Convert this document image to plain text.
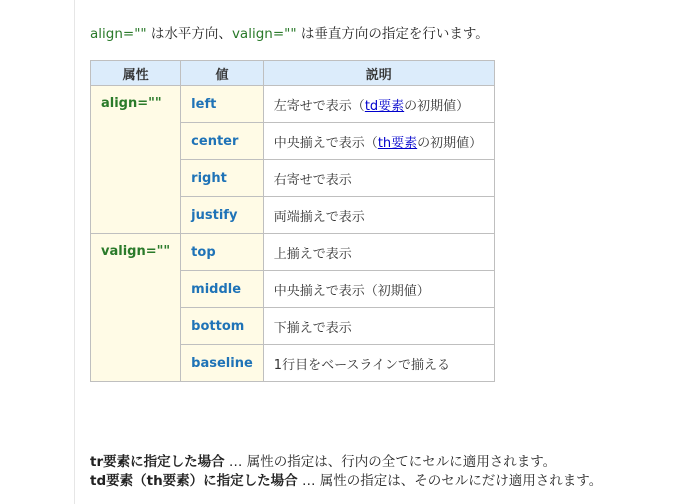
align="" は水平方向、valign="" は垂直方向の指定を行います。
属性	値	説明
align=""	left	左寄せで表示（td要素の初期値）
	center	中央揃えで表示（th要素の初期値）
	right	右寄せで表示
	justify	両端揃えで表示
valign=""	top	上揃えで表示
	middle	中央揃えで表示（初期値）
	bottom	下揃えで表示
	baseline	1行目をベースラインで揃える
tr要素に指定した場合 … 属性の指定は、行内の全てにセルに適用されます。
td要素（th要素）に指定した場合 … 属性の指定は、そのセルにだけ適用されます。
